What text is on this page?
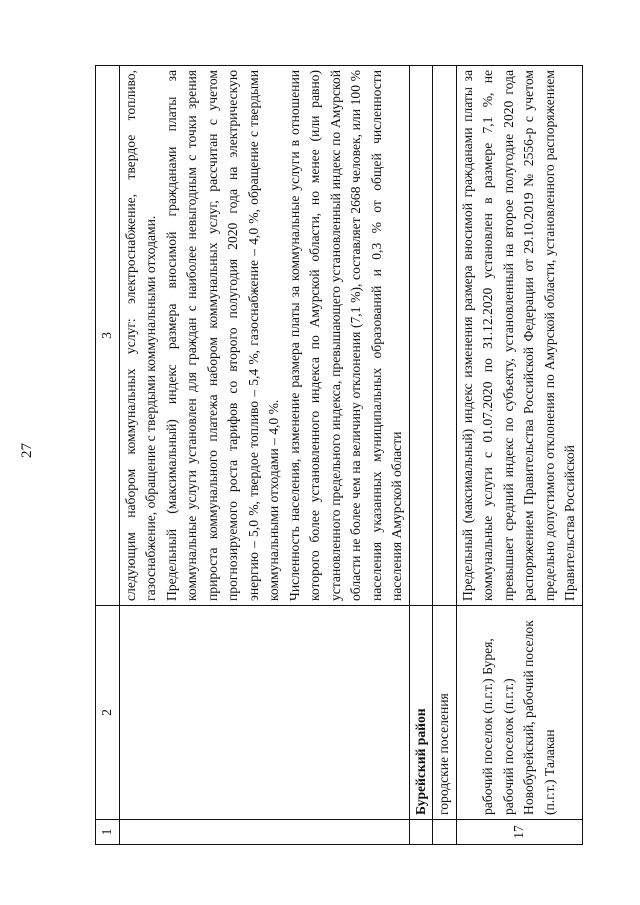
27
1	2	3

		следующим набором коммунальных услуг: электроснабжение, твердое топливо, газоснабжение, обращение с твердыми коммунальными отходами. Предельный (максимальный) индекс размера вносимой гражданами платы за коммунальные услуги установлен для граждан с наиболее невыгодным с точки зрения прироста коммунального платежа набором коммунальных услуг, рассчитан с учетом прогнозируемого роста тарифов со второго полугодия 2020 года на электрическую энергию – 5,0 %, твердое топливо – 5,4 %, газоснабжение – 4,0 %, обращение с твердыми коммунальными отходами – 4,0 %. Численность населения, изменение размера платы за коммунальные услуги в отношении которого более установленного индекса по Амурской области, но менее (или равно) установленного предельного индекса, превышающего установленный индекс по Амурской области не более чем на величину отклонения (7,1 %), составляет 2668 человек, или 100 % населения указанных муниципальных образований и 0,3 % от общей численности населения Амурской области

	Бурейский район	
	городские поселения	
17	рабочий поселок (п.г.т.) Бурея, рабочий поселок (п.г.т.) Новобурейский, рабочий поселок (п.г.т.) Талакан	Предельный (максимальный) индекс изменения размера вносимой гражданами платы за коммунальные услуги с 01.07.2020 по 31.12.2020 установлен в размере 7,1 %, не превышает средний индекс по субъекту, установленный на второе полугодие 2020 года распоряжением Правительства Российской Федерации от 29.10.2019 № 2556-р с учетом предельно допустимого отклонения по Амурской области, установленного распоряжением Правительства Российской
